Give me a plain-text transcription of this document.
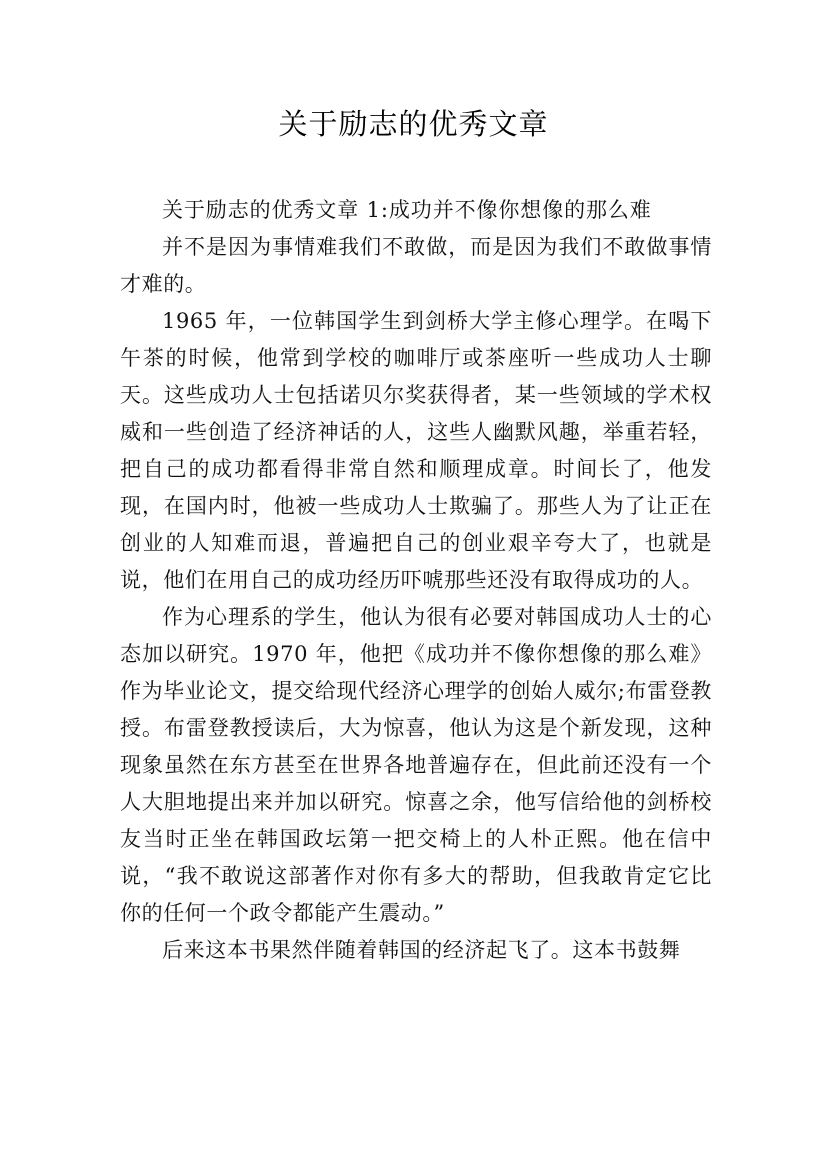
关于励志的优秀文章

关于励志的优秀文章 1:成功并不像你想像的那么难

并不是因为事情难我们不敢做，而是因为我们不敢做事情才难的。

1965 年，一位韩国学生到剑桥大学主修心理学。在喝下午茶的时候，他常到学校的咖啡厅或茶座听一些成功人士聊天。这些成功人士包括诺贝尔奖获得者，某一些领域的学术权威和一些创造了经济神话的人，这些人幽默风趣，举重若轻，把自己的成功都看得非常自然和顺理成章。时间长了，他发现，在国内时，他被一些成功人士欺骗了。那些人为了让正在创业的人知难而退，普遍把自己的创业艰辛夸大了，也就是说，他们在用自己的成功经历吓唬那些还没有取得成功的人。

作为心理系的学生，他认为很有必要对韩国成功人士的心态加以研究。1970 年，他把《成功并不像你想像的那么难》作为毕业论文，提交给现代经济心理学的创始人威尔;布雷登教授。布雷登教授读后，大为惊喜，他认为这是个新发现，这种现象虽然在东方甚至在世界各地普遍存在，但此前还没有一个人大胆地提出来并加以研究。惊喜之余，他写信给他的剑桥校友当时正坐在韩国政坛第一把交椅上的人朴正熙。他在信中说，“我不敢说这部著作对你有多大的帮助，但我敢肯定它比你的任何一个政令都能产生震动。”

后来这本书果然伴随着韩国的经济起飞了。这本书鼓舞
